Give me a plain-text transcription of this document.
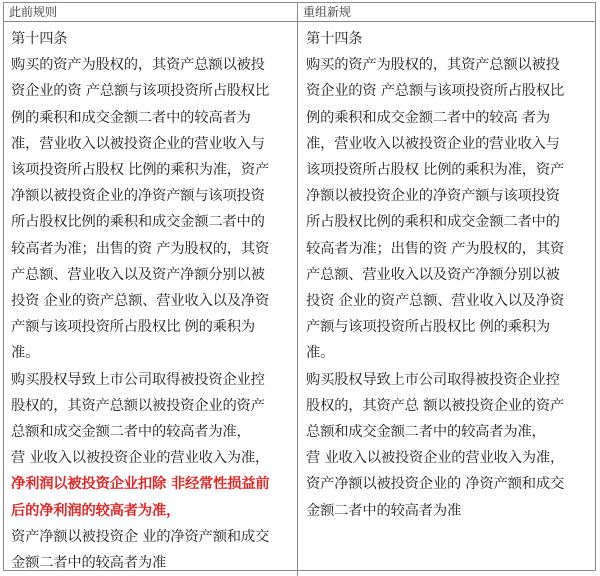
此前规则	重组新规
第十四条
购买的资产为股权的，其资产总额以被投
资企业的资 产总额与该项投资所占股权比
例的乘积和成交金额二者中的较高者为
准，营业收入以被投资企业的营业收入与
该项投资所占股权 比例的乘积为准，资产
净额以被投资企业的净资产额与该项投资
所占股权比例的乘积和成交金额二者中的
较高者为准；出售的资 产为股权的，其资
产总额、营业收入以及资产净额分别以被
投资 企业的资产总额、营业收入以及净资
产额与该项投资所占股权比 例的乘积为
准。
购买股权导致上市公司取得被投资企业控
股权的，其资产总额以被投资企业的资产
总额和成交金额二者中的较高者为准，
营 业收入以被投资企业的营业收入为准，
净利润以被投资企业扣除 非经常性损益前
后的净利润的较高者为准，
资产净额以被投资企 业的净资产额和成交
金额二者中的较高者为准
第十四条
购买的资产为股权的，其资产总额以被投
资企业的资 产总额与该项投资所占股权比
例的乘积和成交金额二者中的较高 者为
准，营业收入以被投资企业的营业收入与
该项投资所占股权 比例的乘积为准，资产
净额以被投资企业的净资产额与该项投资
所占股权比例的乘积和成交金额二者中的
较高者为准；出售的资 产为股权的，其资
产总额、营业收入以及资产净额分别以被
投资 企业的资产总额、营业收入以及净资
产额与该项投资所占股权比 例的乘积为
准。
购买股权导致上市公司取得被投资企业控
股权的，其资产总 额以被投资企业的资产
总额和成交金额二者中的较高者为准，
营 业收入以被投资企业的营业收入为准，
资产净额以被投资企业的 净资产额和成交
金额二者中的较高者为准
